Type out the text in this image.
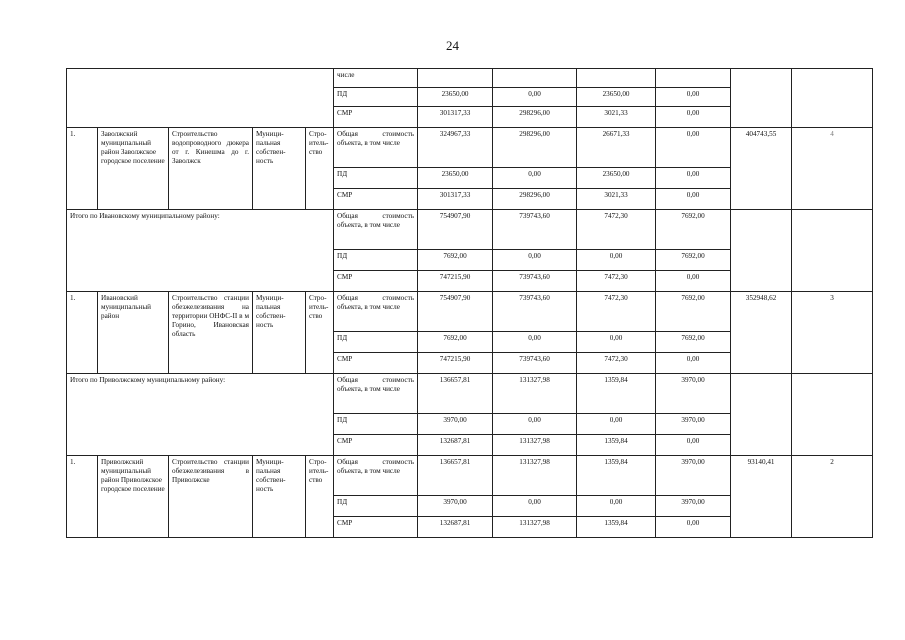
24
					числе						
					ПД	23650,00	0,00	23650,00	0,00		
					СМР	301317,33	298296,00	3021,33	0,00		
1.	Заволжский муниципальный район Заволжское городское поселение	Строительство водопроводного дюкера от г. Кинешма до г. Заволжск	Муници-пальная собствен-ность	Стро-итель-ство	Общая стоимость объекта, в том числе	324967,33	298296,00	26671,33	0,00	404743,55	4
					ПД	23650,00	0,00	23650,00	0,00		
					СМР	301317,33	298296,00	3021,33	0,00		
Итого по Ивановскому муниципальному району:					Общая стоимость объекта, в том числе	754907,90	739743,60	7472,30	7692,00		
					ПД	7692,00	0,00	0,00	7692,00		
					СМР	747215,90	739743,60	7472,30	0,00		
1.	Ивановский муниципальный район	Строительство станции обезжелезивания на территории ОНФС-II в м Горино, Ивановская область	Муници-пальная собствен-ность	Стро-итель-ство	Общая стоимость объекта, в том числе	754907,90	739743,60	7472,30	7692,00	352948,62	3
					ПД	7692,00	0,00	0,00	7692,00		
					СМР	747215,90	739743,60	7472,30	0,00		
Итого по Приволжскому муниципальному району:					Общая стоимость объекта, в том числе	136657,81	131327,98	1359,84	3970,00		
					ПД	3970,00	0,00	0,00	3970,00		
					СМР	132687,81	131327,98	1359,84	0,00		
1.	Приволжский муниципальный район Приволжское городское поселение	Строительство станции обезжелезивания в Приволжске	Муници-пальная собствен-ность	Стро-итель-ство	Общая стоимость объекта, в том числе	136657,81	131327,98	1359,84	3970,00	93140,41	2
					ПД	3970,00	0,00	0,00	3970,00		
					СМР	132687,81	131327,98	1359,84	0,00		
